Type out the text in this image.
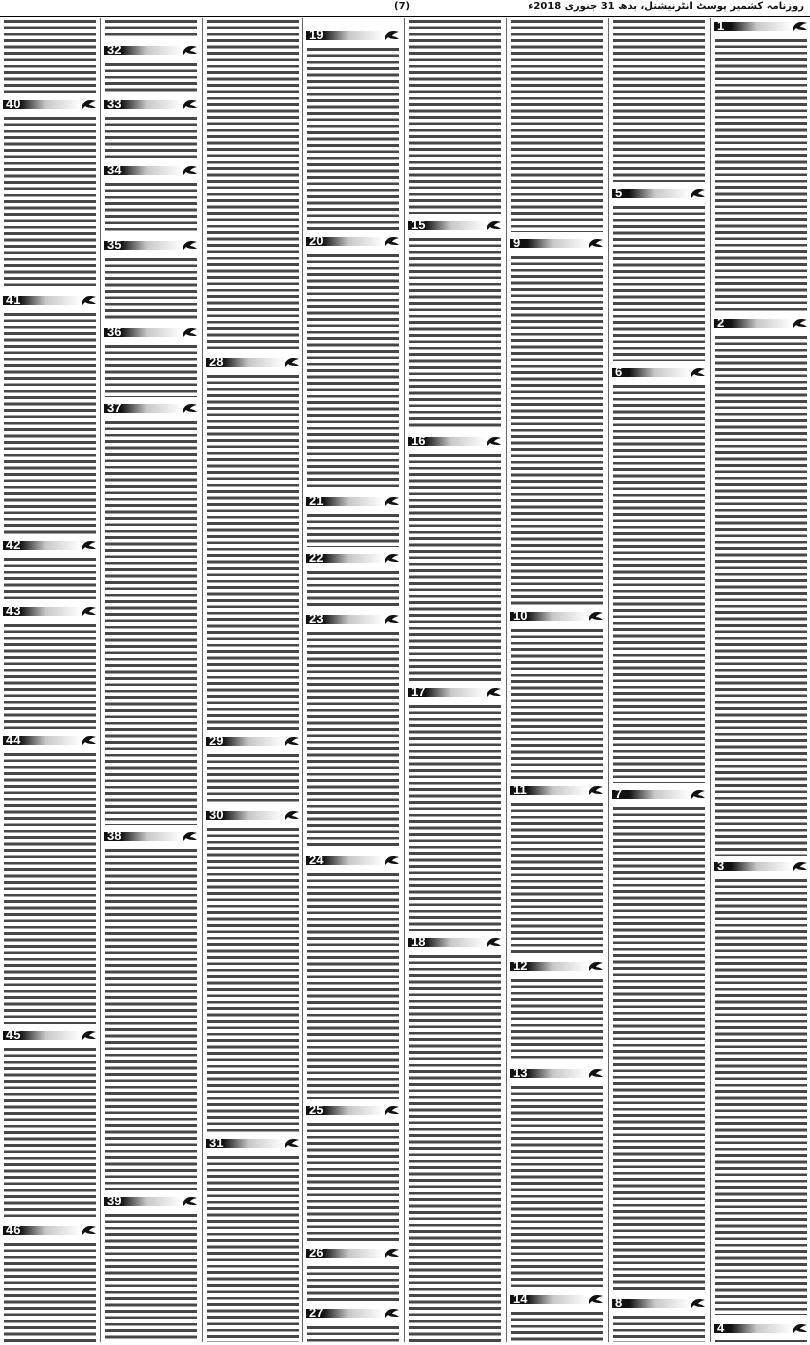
روزنامہ کشمیر پوسٹ انٹرنیشنل، بدھ 31 جنوری 2018ء
(7)
1
2
3
4
5
6
7
8
9
10
11
12
13
14
15
16
17
18
19
20
21
22
23
24
25
26
27
28
29
30
31
32
33
34
35
36
37
38
39
40
41
42
43
44
45
46
